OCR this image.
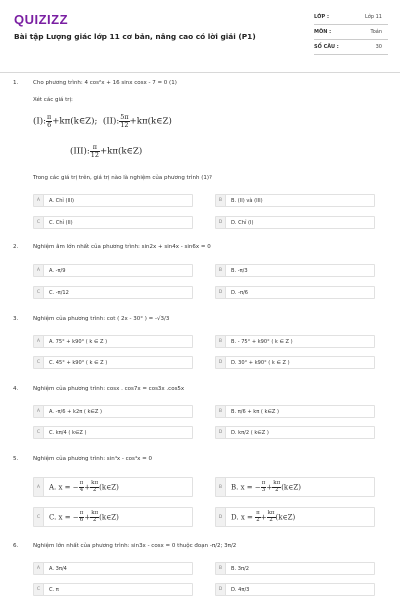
QUIZIZZ
Bài tập Lượng giác lớp 11 cơ bản, nâng cao có lời giải (P1)
LỚP :	Lớp 11
MÔN :	Toán
SỐ CÂU :	30
1.	Cho phương trình: 4 cos²x + 16 sinx cosx - 7 = 0 (1)
Xét các giá trị:
(I): $\frac{\pi}{6}$ +kπ(k∈Z); (II): $\frac{5\pi}{12}$ +kπ(k∈Z)
(III): $\frac{\pi}{12}$ +kπ(k∈Z)
Trong các giá trị trên, giá trị nào là nghiệm của phương trình (1)?
A	A. Chỉ (III)	B	B. (II) và (III)
C	C. Chỉ (II)	D	D. Chỉ (I)
2.	Nghiệm âm lớn nhất của phương trình: sin2x + sin4x - sin6x = 0
A	A. -π/9	B	B. -π/3
C	C. -π/12	D	D. -π/6
3.	Nghiệm của phương trình: cot ( 2x - 30° ) = -√3/3
A	A. 75° + k90° ( k ∈ Z )	B	B. - 75° + k90° ( k ∈ Z )
C	C. 45° + k90° ( k ∈ Z )	D	D. 30° + k90° ( k ∈ Z )
4.	Nghiệm của phương trình: cosx . cos7x = cos3x .cos5x
A	A. -π/6 + k2π ( k∈Z )	B	B. π/6 + kπ ( k∈Z )
C	C. kπ/4 ( k∈Z )	D	D. kπ/2 ( k∈Z )
5.	Nghiệm của phương trình: sin⁴x - cos⁴x = 0
A	A. x = − $\frac{\pi}{4} + \frac{k\pi}{2}$ (k∈Z)	B	B. x = − $\frac{\pi}{3} + \frac{k\pi}{2}$ (k∈Z)
C	C. x = − $\frac{\pi}{6} + \frac{k\pi}{2}$ (k∈Z)	D	D. $x = \frac{\pi}{2} + \frac{k\pi}{2}$ (k∈Z)
6.	Nghiệm lớn nhất của phương trình: sin3x - cosx = 0 thuộc đoạn -π/2; 3π/2
A	A. 3π/4	B	B. 3π/2
C	C. π	D	D. 4π/3
